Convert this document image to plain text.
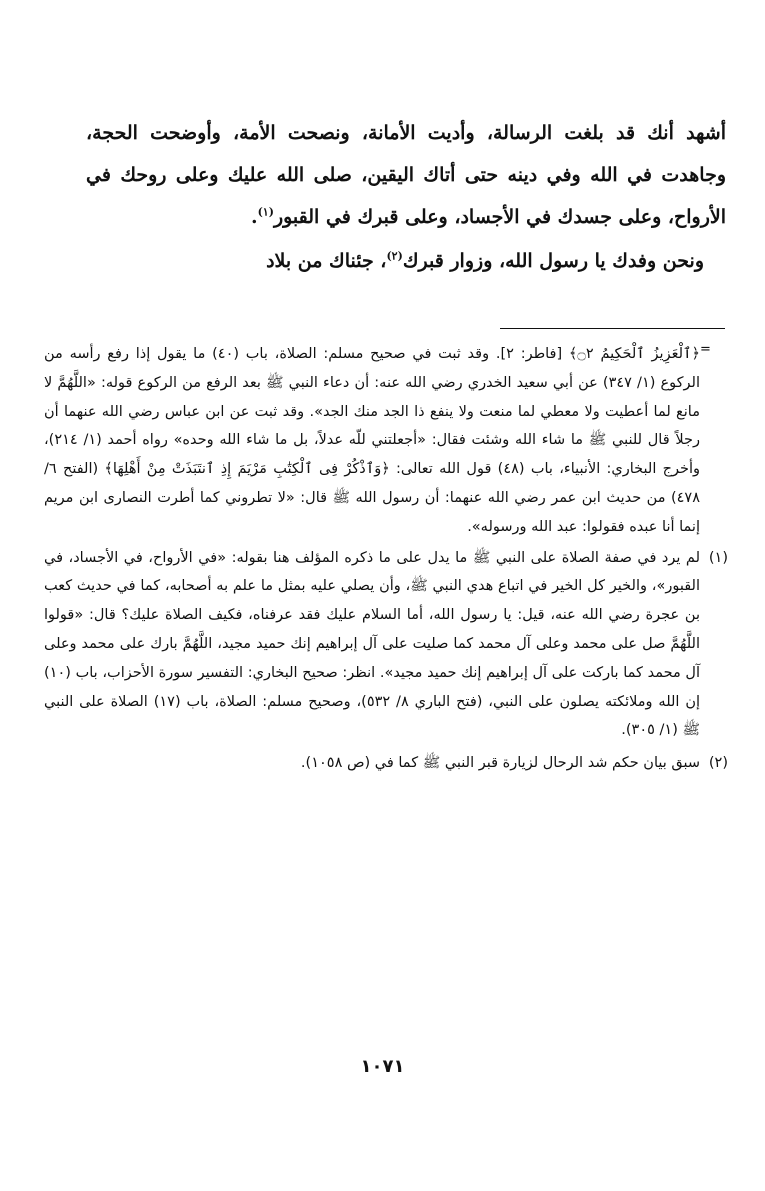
أشهد أنك قد بلغت الرسالة، وأديت الأمانة، ونصحت الأمة، وأوضحت الحجة، وجاهدت في الله وفي دينه حتى أتاك اليقين، صلى الله عليك وعلى روحك في الأرواح، وعلى جسدك في الأجساد، وعلى قبرك في القبور$^{(١)}$.

ونحن وفدك يا رسول الله، وزوار قبرك$^{(٢)}$، جئناك من بلاد

=
﴿ٱلْعَزِيزُ ٱلْحَكِيمُ ۝٢﴾ [فاطر: ٢]. وقد ثبت في صحيح مسلم: الصلاة، باب (٤٠) ما يقول إذا رفع رأسه من الركوع (١/ ٣٤٧) عن أبي سعيد الخدري رضي الله عنه: أن دعاء النبي ﷺ بعد الرفع من الركوع قوله: «اللَّهُمَّ لا مانع لما أعطيت ولا معطي لما منعت ولا ينفع ذا الجد منك الجد». وقد ثبت عن ابن عباس رضي الله عنهما أن رجلاً قال للنبي ﷺ ما شاء الله وشئت فقال: «أجعلتني للّه عدلاً، بل ما شاء الله وحده» رواه أحمد (١/ ٢١٤)، وأخرج البخاري: الأنبياء، باب (٤٨) قول الله تعالى: ﴿وَٱذْكُرْ فِى ٱلْكِتَٰبِ مَرْيَمَ إِذِ ٱنتَبَذَتْ مِنْ أَهْلِهَا﴾ (الفتح ٦/ ٤٧٨) من حديث ابن عمر رضي الله عنهما: أن رسول الله ﷺ قال: «لا تطروني كما أطرت النصارى ابن مريم إنما أنا عبده فقولوا: عبد الله ورسوله».
(١)
لم يرد في صفة الصلاة على النبي ﷺ ما يدل على ما ذكره المؤلف هنا بقوله: «في الأرواح، في الأجساد، في القبور»، والخير كل الخير في اتباع هدي النبي ﷺ، وأن يصلي عليه بمثل ما علم به أصحابه، كما في حديث كعب بن عجرة رضي الله عنه، قيل: يا رسول الله، أما السلام عليك فقد عرفناه، فكيف الصلاة عليك؟ قال: «قولوا اللَّهُمَّ صل على محمد وعلى آل محمد كما صليت على آل إبراهيم إنك حميد مجيد، اللَّهُمَّ بارك على محمد وعلى آل محمد كما باركت على آل إبراهيم إنك حميد مجيد». انظر: صحيح البخاري: التفسير سورة الأحزاب، باب (١٠) إن الله وملائكته يصلون على النبي، (فتح الباري ٨/ ٥٣٢)، وصحيح مسلم: الصلاة، باب (١٧) الصلاة على النبي ﷺ (١/ ٣٠٥).
(٢)
سبق بيان حكم شد الرحال لزيارة قبر النبي ﷺ كما في (ص ١٠٥٨).
١٠٧١
